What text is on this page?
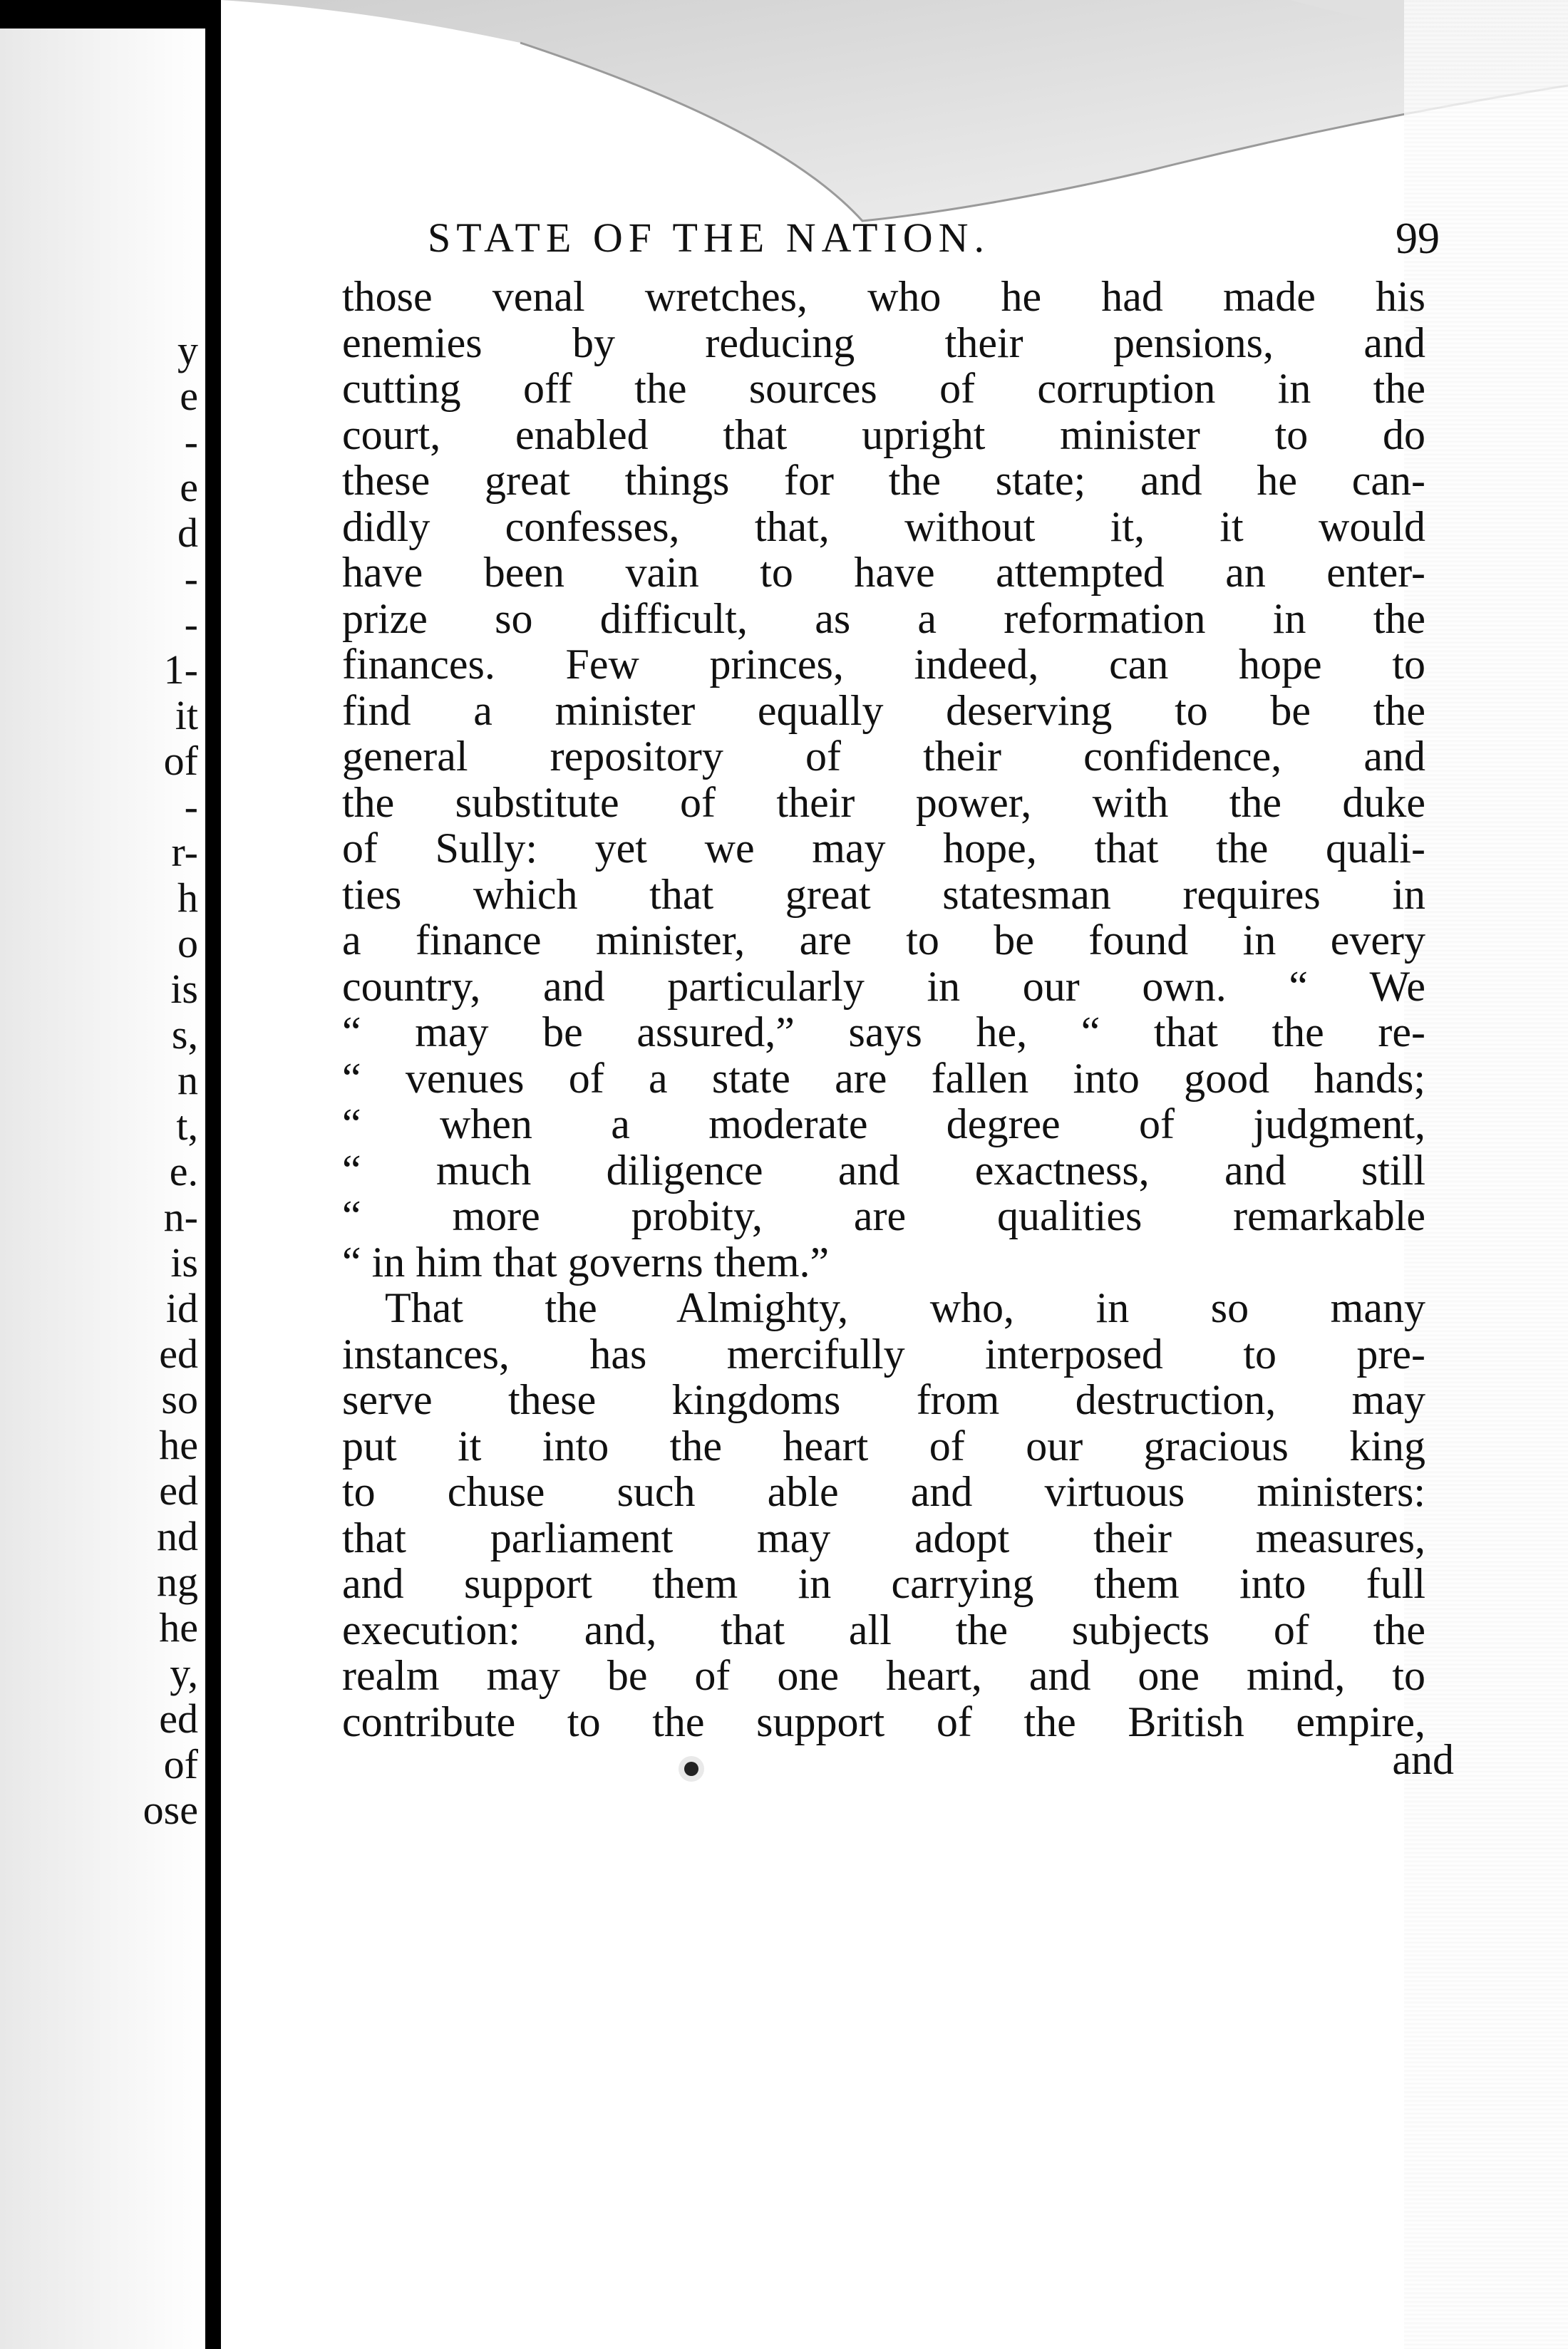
y
e
-
e
d
-
-
1-
it
of
-
r-
h
o
is
s,
n
t,
e.
n-
is
id
ed
so
he
ed
nd
ng
he
y,
ed
of
ose
STATE OF THE NATION.	99
those venal wretches, who he had made his
enemies by reducing their pensions, and
cutting off the sources of corruption in the
court, enabled that upright minister to do
these great things for the state; and he can-
didly confesses, that, without it, it would
have been vain to have attempted an enter-
prize so difficult, as a reformation in the
finances. Few princes, indeed, can hope to
find a minister equally deserving to be the
general repository of their confidence, and
the substitute of their power, with the duke
of Sully: yet we may hope, that the quali-
ties which that great statesman requires in
a finance minister, are to be found in every
country, and particularly in our own. “ We
“ may be assured,” says he, “ that the re-
“ venues of a state are fallen into good hands;
“ when a moderate degree of judgment,
“ much diligence and exactness, and still
“ more probity, are qualities remarkable
“ in him that governs them.”
That the Almighty, who, in so many
instances, has mercifully interposed to pre-
serve these kingdoms from destruction, may
put it into the heart of our gracious king
to chuse such able and virtuous ministers:
that parliament may adopt their measures,
and support them in carrying them into full
execution: and, that all the subjects of the
realm may be of one heart, and one mind, to
contribute to the support of the British empire,
and
